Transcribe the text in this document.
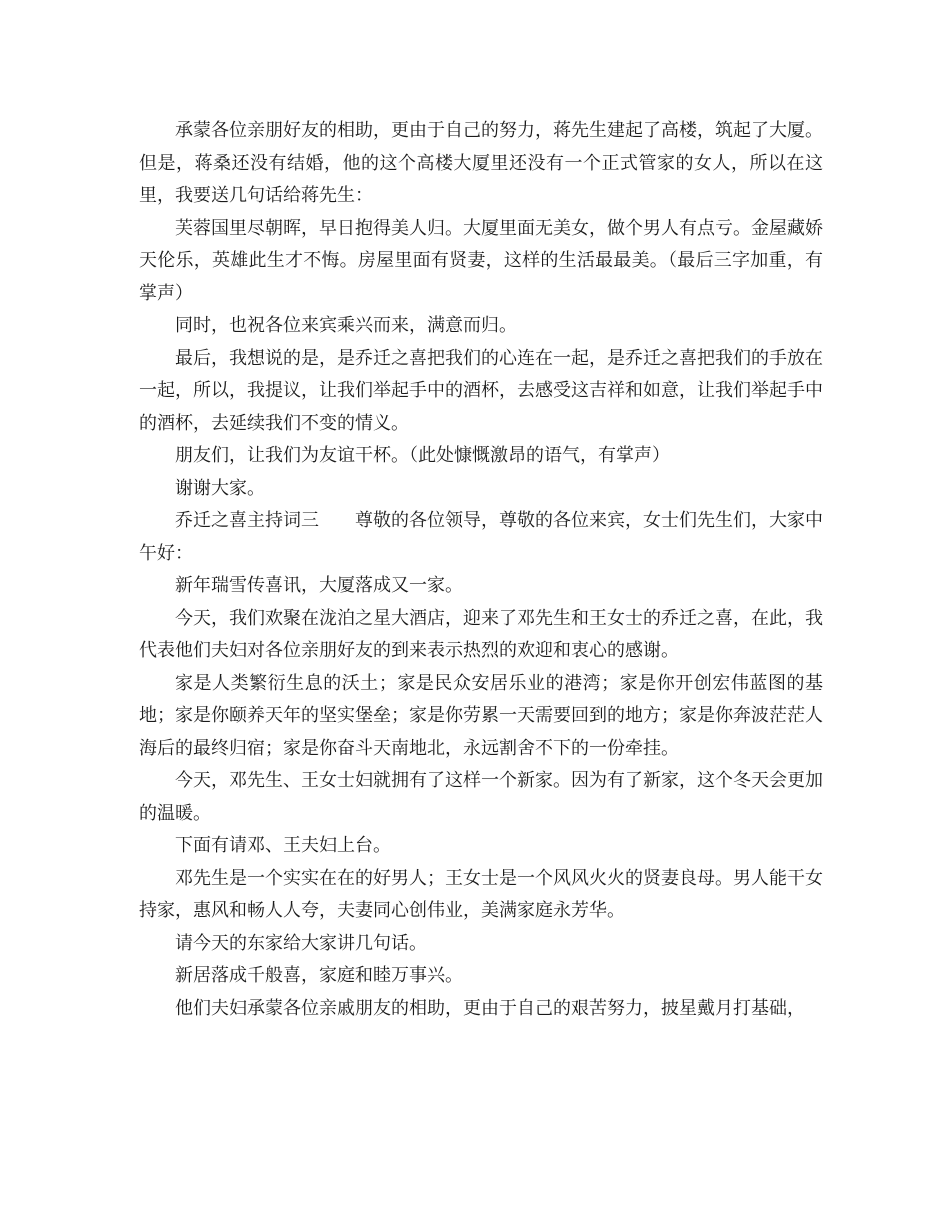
承蒙各位亲朋好友的相助，更由于自己的努力，蒋先生建起了高楼，筑起了大厦。但是，蒋桑还没有结婚，他的这个高楼大厦里还没有一个正式管家的女人，所以在这里，我要送几句话给蒋先生：

芙蓉国里尽朝晖，早日抱得美人归。大厦里面无美女，做个男人有点亏。金屋藏娇天伦乐，英雄此生才不悔。房屋里面有贤妻，这样的生活最最美。（最后三字加重，有掌声）

同时，也祝各位来宾乘兴而来，满意而归。

最后，我想说的是，是乔迁之喜把我们的心连在一起，是乔迁之喜把我们的手放在一起，所以，我提议，让我们举起手中的酒杯，去感受这吉祥和如意，让我们举起手中的酒杯，去延续我们不变的情义。

朋友们，让我们为友谊干杯。（此处慷慨激昂的语气，有掌声）

谢谢大家。

乔迁之喜主持词三　　尊敬的各位领导，尊敬的各位来宾，女士们先生们，大家中午好：

新年瑞雪传喜讯，大厦落成又一家。

今天，我们欢聚在泷泊之星大酒店，迎来了邓先生和王女士的乔迁之喜，在此，我代表他们夫妇对各位亲朋好友的到来表示热烈的欢迎和衷心的感谢。

家是人类繁衍生息的沃土；家是民众安居乐业的港湾；家是你开创宏伟蓝图的基地；家是你颐养天年的坚实堡垒；家是你劳累一天需要回到的地方；家是你奔波茫茫人海后的最终归宿；家是你奋斗天南地北，永远割舍不下的一份牵挂。

今天，邓先生、王女士妇就拥有了这样一个新家。因为有了新家，这个冬天会更加的温暖。

下面有请邓、王夫妇上台。

邓先生是一个实实在在的好男人；王女士是一个风风火火的贤妻良母。男人能干女持家，惠风和畅人人夸，夫妻同心创伟业，美满家庭永芳华。

请今天的东家给大家讲几句话。

新居落成千般喜，家庭和睦万事兴。

他们夫妇承蒙各位亲戚朋友的相助，更由于自己的艰苦努力，披星戴月打基础，
